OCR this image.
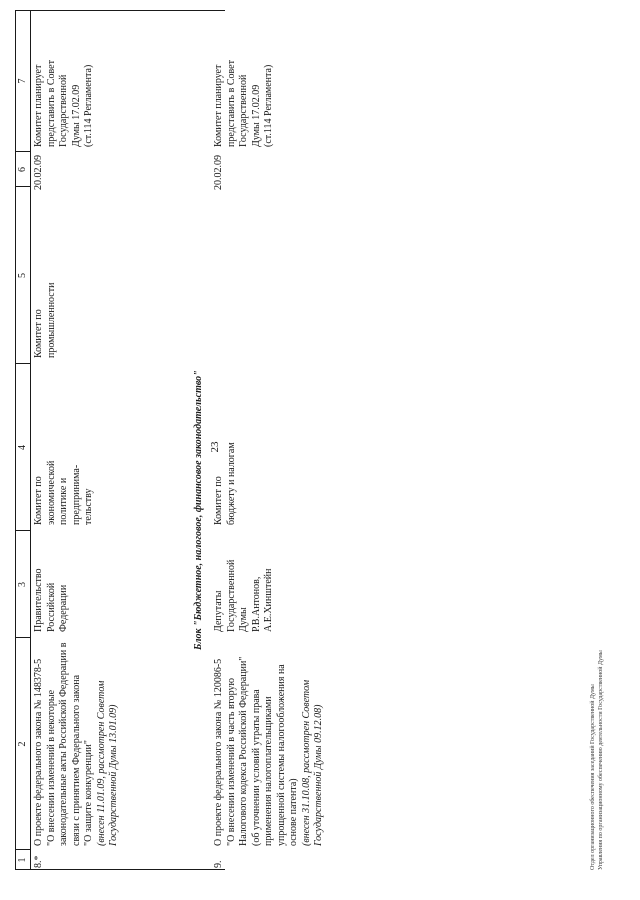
23
1
2
3
4
5
6
7
8.*

О проекте федерального закона № 148378-5 "О внесении изменений в некоторые законодательные акты Российской Федерации в связи с принятием Федерального закона "О защите конкуренции" (внесен 11.01.09, рассмотрен Советом Государственной Думы 13.01.09)

Правительство Российской Федерации

Комитет по экономической политике и предпринима- тельству

Комитет по промышленности

20.02.09

Комитет планирует представить в Совет Государственной Думы 17.02.09 (ст.114 Регламента)

Блок "Бюджетное, налоговое, финансовое законодательство"
9.

О проекте федерального закона № 120086-5 "О внесении изменений в часть вторую Налогового кодекса Российской Федерации" (об уточнении условий утраты права применения налогоплательщиками упрощенной системы налогообложения на основе патента) (внесен 31.10.08, рассмотрен Советом Государственной Думы 09.12.08)

Депутаты Государственной Думы Р.В.Антонов, А.Е.Хинштейн

Комитет по бюджету и налогам

20.02.09

Комитет планирует представить в Совет Государственной Думы 17.02.09 (ст.114 Регламента)

Отдел организационного обеспечения заседаний Государственной Думы Управления по организационному обеспечению деятельности Государственной Думы
